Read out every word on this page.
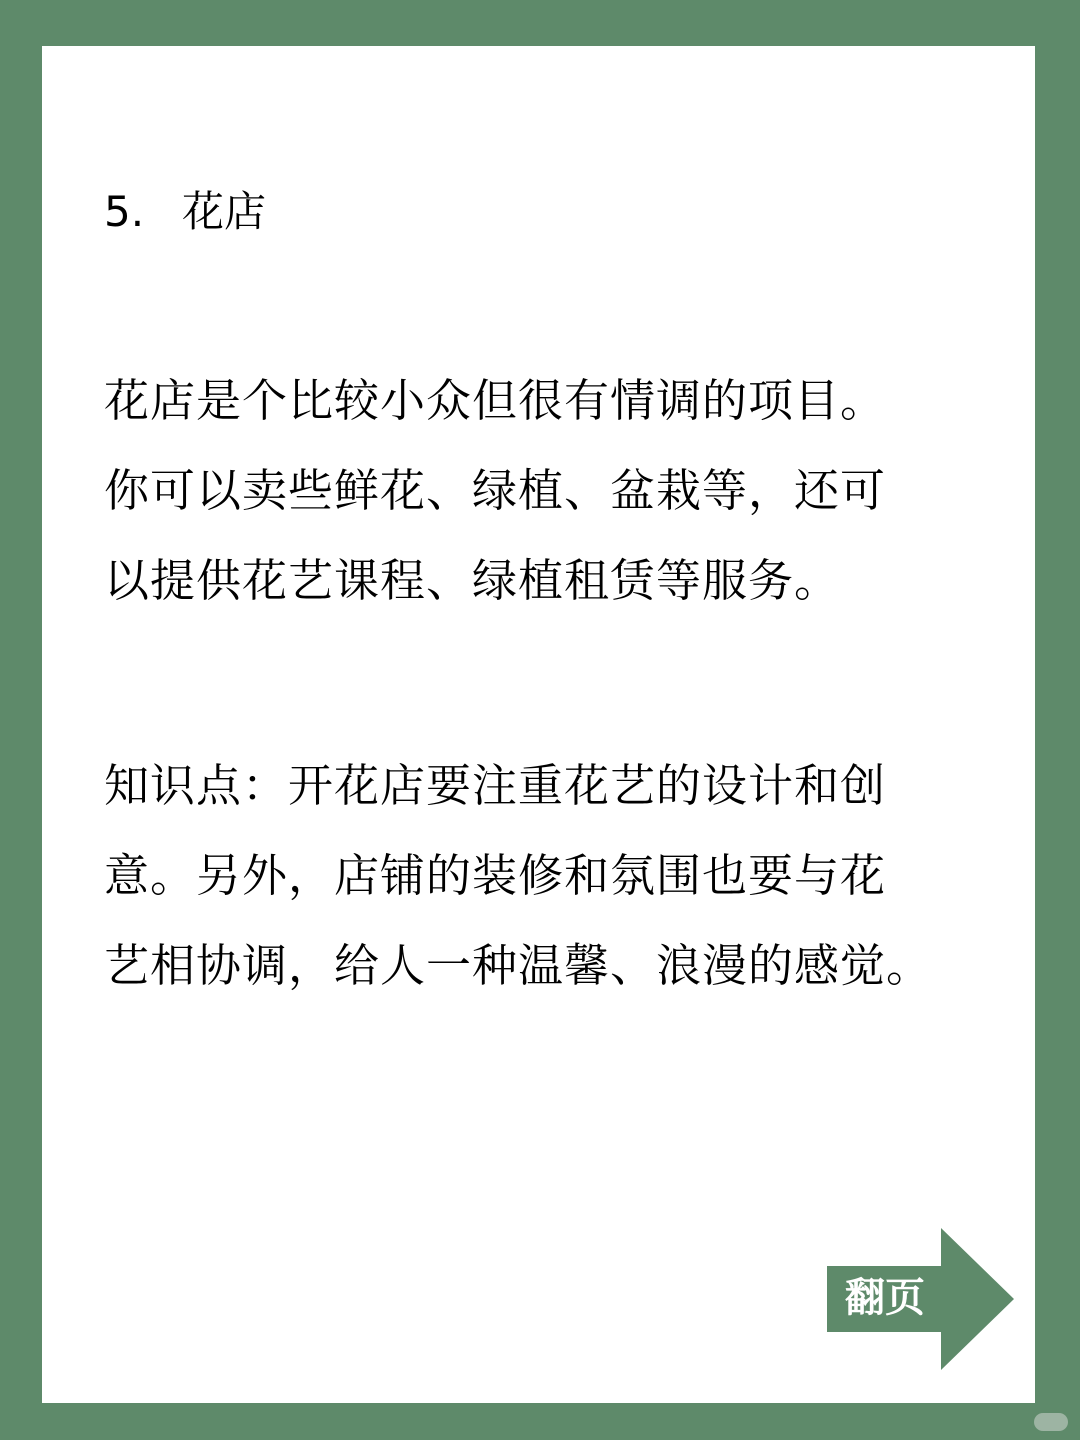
5. 花店
花店是个比较小众但很有情调的项目。
你可以卖些鲜花、绿植、盆栽等，还可
以提供花艺课程、绿植租赁等服务。
知识点：开花店要注重花艺的设计和创
意。另外，店铺的装修和氛围也要与花
艺相协调，给人一种温馨、浪漫的感觉。
翻页
